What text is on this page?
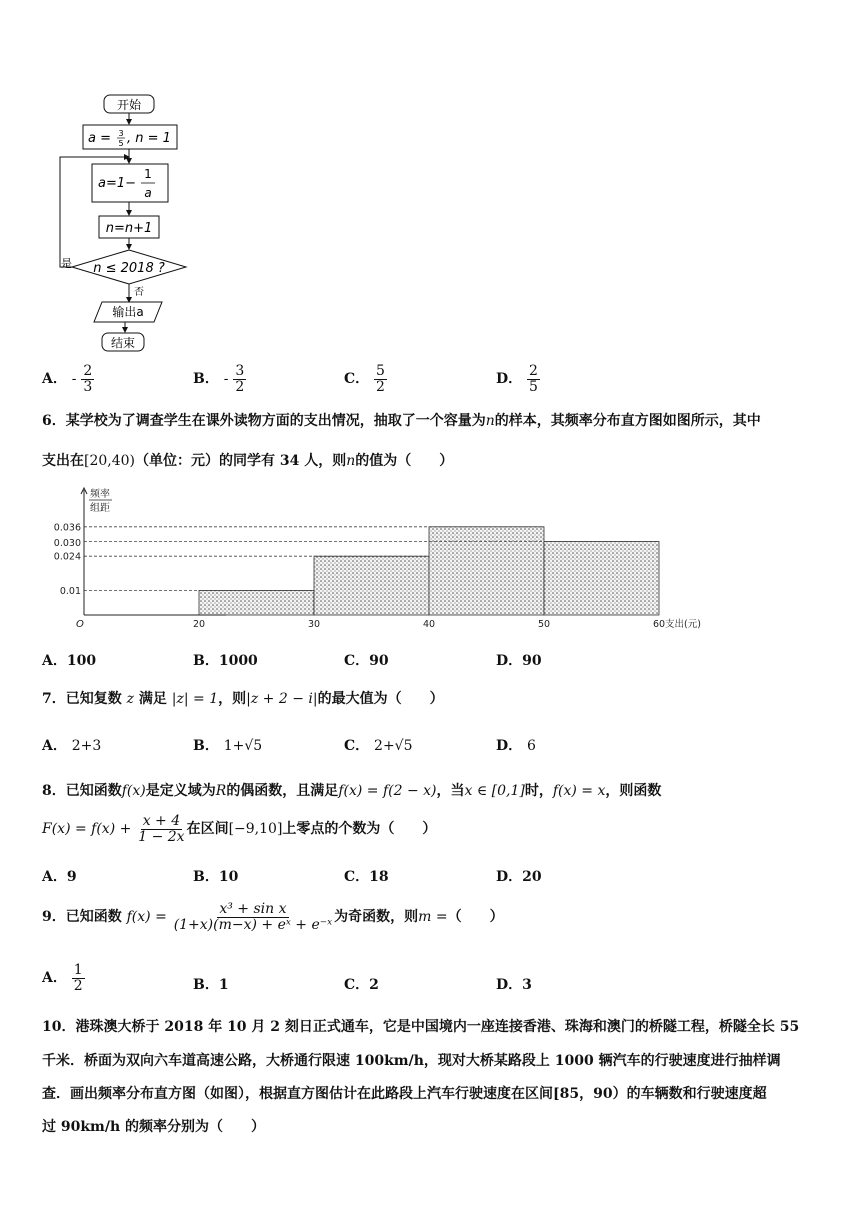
开始
a = 3
5 , n = 1
a=1−
1
a
n=n+1
n ≤ 2018 ?
是
否
输出a
结束
A． - $\frac{2}{3}$	B． - $\frac{3}{2}$	C． $\frac{5}{2}$	D． $\frac{2}{5}$
6．某学校为了调查学生在课外读物方面的支出情况，抽取了一个容量为n的样本，其频率分布直方图如图所示，其中
支出在[20,40)（单位：元）的同学有 34 人，则n的值为（　　）
0.036
0.030
0.024
0.01
20	30	40	50	60
O
频率
组距
支出(元)
A．100	B．1000	C．90	D．90
7．已知复数 z 满足 |z| = 1，则|z + 2 − i|的最大值为（　　）
A． 2+3	B． 1+√5	C． 2+√5	D． 6
8．已知函数f(x)是定义域为R的偶函数，且满足f(x) = f(2 − x)，当x ∈ [0,1]时，f(x) = x，则函数
$F(x) = f(x) + \frac{x + 4}{1 - 2x}$ 在区间[−9,10]上零点的个数为（　　）
A．9	B．10	C．18	D．20
9．已知函数 $f(x) = \frac{\text{x³ + sin x}}{\text{(1+x)(m−x) + eˣ + e⁻ˣ}}$ 为奇函数，则m =（　　）
A． $\frac{1}{2}$	B．1	C．2	D．3
10．港珠澳大桥于 2018 年 10 月 2 刻日正式通车，它是中国境内一座连接香港、珠海和澳门的桥隧工程，桥隧全长 55
千米．桥面为双向六车道高速公路，大桥通行限速 100km/h，现对大桥某路段上 1000 辆汽车的行驶速度进行抽样调
查．画出频率分布直方图（如图），根据直方图估计在此路段上汽车行驶速度在区间[85，90）的车辆数和行驶速度超
过 90km/h 的频率分别为（　　）
